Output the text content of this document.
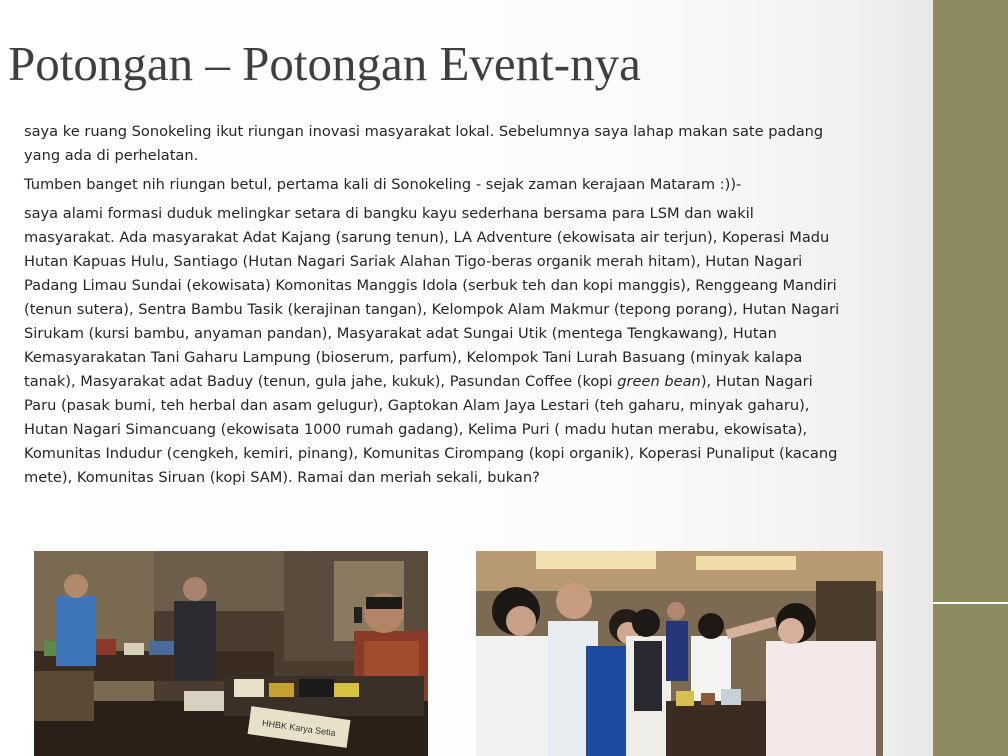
Potongan – Potongan Event-nya

saya ke ruang Sonokeling ikut riungan inovasi masyarakat lokal. Sebelumnya saya lahap makan sate padang yang ada di perhelatan.

Tumben banget nih riungan betul, pertama kali di Sonokeling - sejak zaman kerajaan Mataram :))-

saya alami formasi duduk melingkar setara di bangku kayu sederhana bersama para LSM dan wakil masyarakat. Ada masyarakat Adat Kajang (sarung tenun), LA Adventure (ekowisata air terjun), Koperasi Madu Hutan Kapuas Hulu, Santiago (Hutan Nagari Sariak Alahan Tigo-beras organik merah hitam), Hutan Nagari Padang Limau Sundai (ekowisata) Komonitas Manggis Idola (serbuk teh dan kopi manggis), Renggeang Mandiri (tenun sutera), Sentra Bambu Tasik (kerajinan tangan), Kelompok Alam Makmur (tepong porang), Hutan Nagari Sirukam (kursi bambu, anyaman pandan), Masyarakat adat Sungai Utik (mentega Tengkawang), Hutan Kemasyarakatan Tani Gaharu Lampung (bioserum, parfum), Kelompok Tani Lurah Basuang (minyak kalapa tanak), Masyarakat adat Baduy (tenun, gula jahe, kukuk), Pasundan Coffee (kopi green bean), Hutan Nagari Paru (pasak bumi, teh herbal dan asam gelugur), Gaptokan Alam Jaya Lestari (teh gaharu, minyak gaharu), Hutan Nagari Simancuang (ekowisata 1000 rumah gadang), Kelima Puri ( madu hutan merabu, ekowisata), Komunitas Indudur (cengkeh, kemiri, pinang), Komunitas Cirompang (kopi organik), Koperasi Punaliput (kacang mete), Komunitas Siruan (kopi SAM). Ramai dan meriah sekali, bukan?

HHBK Karya Setia
